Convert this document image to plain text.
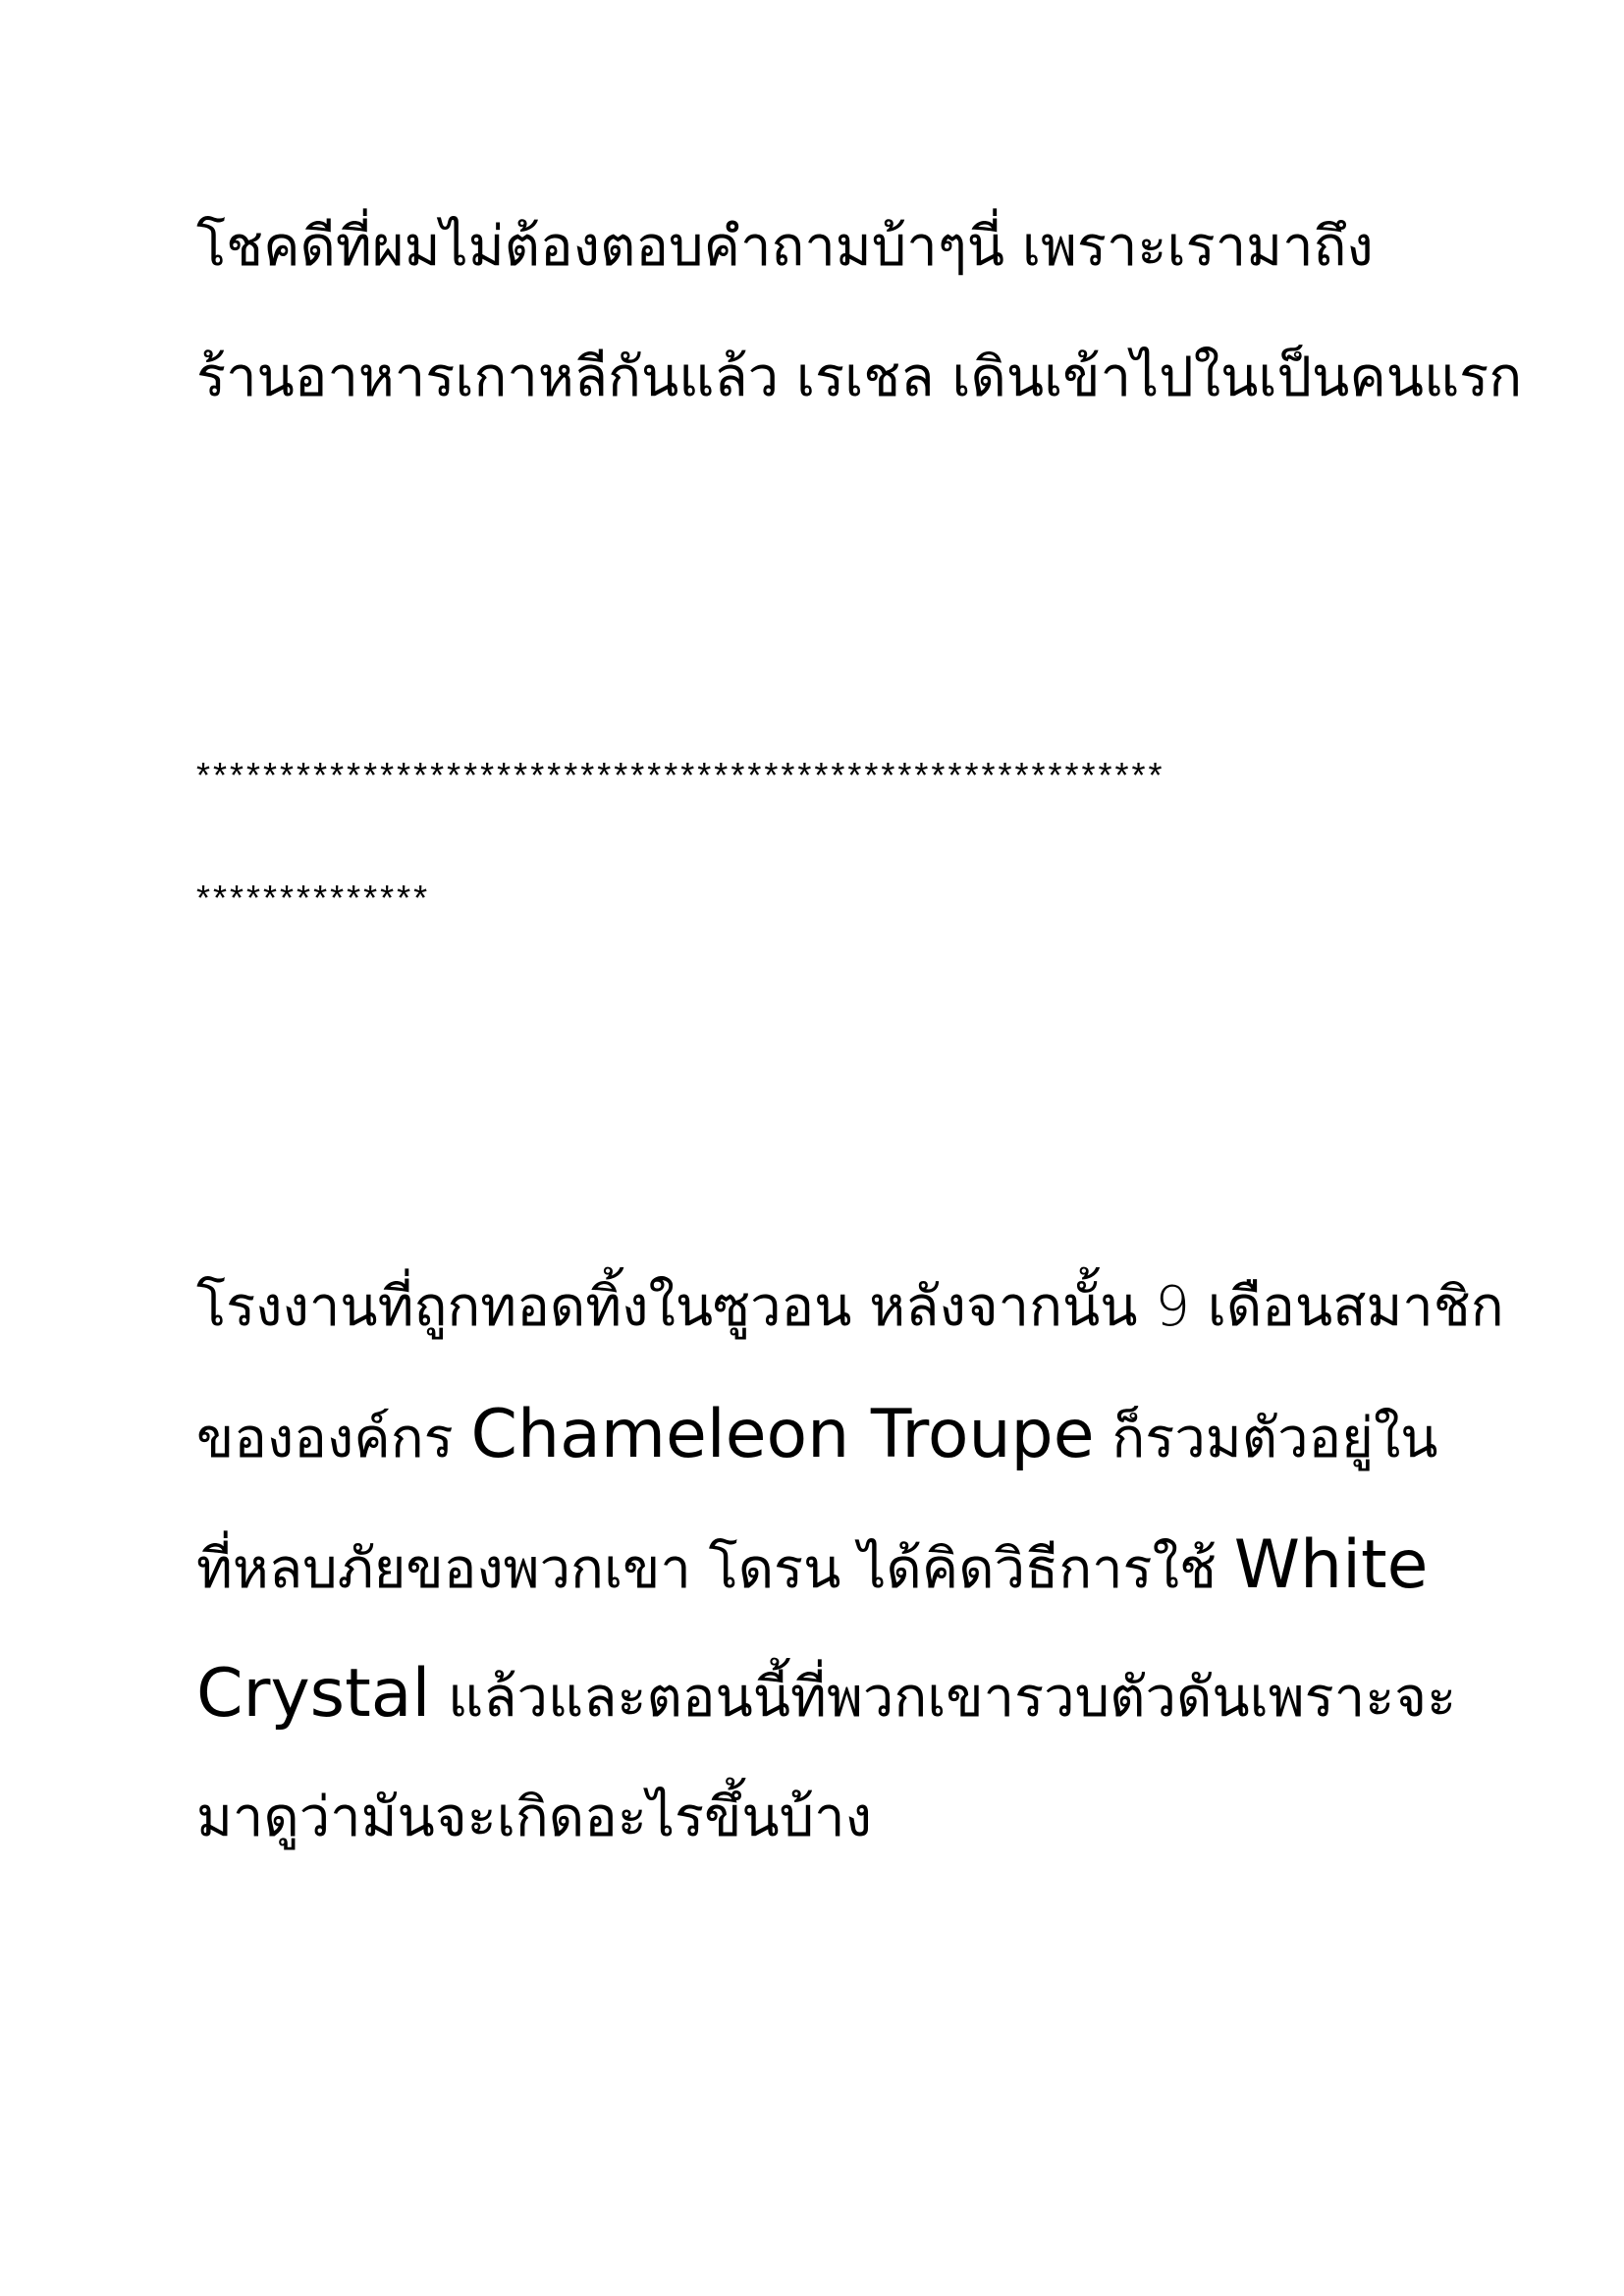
โชคดีที่ผมไม่ต้องตอบคำถามบ้าๆนี่ เพราะเรามาถึง
ร้านอาหารเกาหลีกันแล้ว เรเชล เดินเข้าไปในเป็นคนแรก
**********************************************************
**************
โรงงานที่ถูกทอดทิ้งในซูวอน หลังจากนั้น 9 เดือนสมาชิก
ขององค์กร Chameleon Troupe ก็รวมตัวอยู่ใน
ที่หลบภัยของพวกเขา โดรน ได้คิดวิธีการใช้ White
Crystal แล้วและตอนนี้ที่พวกเขารวบตัวดันเพราะจะ
มาดูว่ามันจะเกิดอะไรขึ้นบ้าง
